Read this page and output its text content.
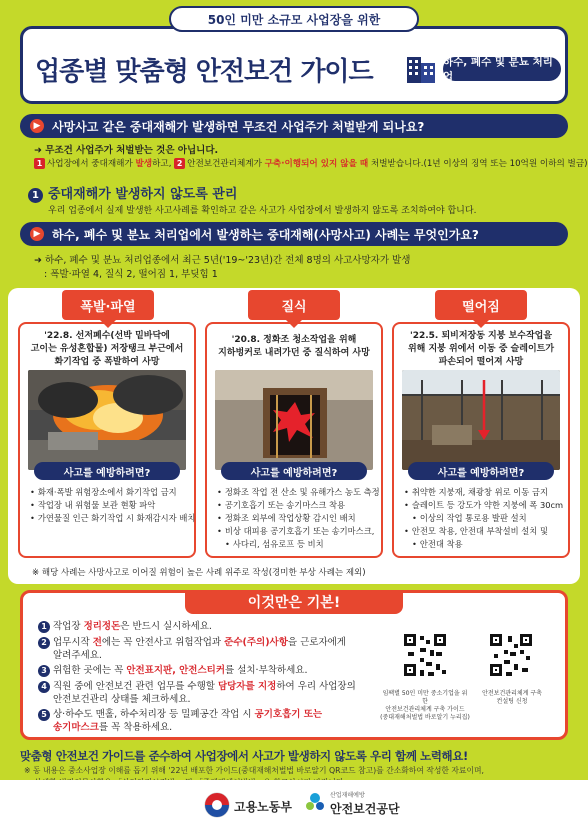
업종별 맞춤형 안전보건 가이드	하수, 폐수 및 분뇨 처리업
50인 미만 소규모 사업장을 위한
▶ 사망사고 같은 중대재해가 발생하면 무조건 사업주가 처벌받게 되나요?
➜ 무조건 사업주가 처벌받는 것은 아닙니다.
1 사업장에서 중대재해가 발생하고, 2 안전보건관리체계가 구축·이행되어 있지 않을 때 처벌받습니다.(1년 이상의 징역 또는 10억원 이하의 벌금)
1 중대재해가 발생하지 않도록 관리
우리 업종에서 실제 발생한 사고사례를 확인하고 같은 사고가 사업장에서 발생하지 않도록 조치하여야 합니다.
▶ 하수, 폐수 및 분뇨 처리업에서 발생하는 중대재해(사망사고) 사례는 무엇인가요?
➜ 하수, 폐수 및 분뇨 처리업종에서 최근 5년('19~'23년)간 전체 8명의 사고사망자가 발생
: 폭발·파열 4, 질식 2, 떨어짐 1, 부딪힘 1
'22.8. 선저폐수(선박 밑바닥에
고이는 유성혼합물) 저장탱크 부근에서
화기작업 중 폭발하여 사망
사고를 예방하려면?
• 화재·폭발 위험장소에서 화기작업 금지
• 작업장 내 위험물 보관 현황 파악
• 가연물질 인근 화기작업 시 화재감시자 배치
폭발·파열
'20.8. 정화조 청소작업을 위해
지하벙커로 내려가던 중 질식하여 사망
사고를 예방하려면?
• 정화조 작업 전 산소 및 유해가스 농도 측정
• 공기호흡기 또는 송기마스크 착용
• 정화조 외부에 작업상황 감시인 배치
• 비상 대피용 공기호흡기 또는 송기마스크,
• 사다리, 섬유로프 등 비치
질식
'22.5. 퇴비저장동 지붕 보수작업을
위해 지붕 위에서 이동 중 슬레이트가
파손되어 떨어져 사망
사고를 예방하려면?
• 취약한 지붕재, 채광창 위로 이동 금지
• 슬레이트 등 강도가 약한 지붕에 폭 30cm
• 이상의 작업 통로용 발판 설치
• 안전모 착용, 안전대 부착설비 설치 및
• 안전대 착용
떨어짐
※ 해당 사례는 사망사고로 이어질 위험이 높은 사례 위주로 작성(경미한 부상 사례는 제외)
이것만은 기본!
1 작업장 정리정돈은 반드시 실시하세요.
2 업무시작 전에는 꼭 안전사고 위험작업과 준수(주의)사항을 근로자에게
알려주세요.
3 위험한 곳에는 꼭 안전표지판, 안전스티커를 설치·부착하세요.
4 직원 중에 안전보건 관련 업무를 수행할 담당자를 지정하여 우리 사업장의
안전보건관리 상태를 체크하세요.
5 상·하수도 맨홀, 하수처리장 등 밀폐공간 작업 시 공기호흡기 또는
송기마스크를 꼭 착용하세요.
임팩별 50인 미만 중소기업을 위한
안전보건관리체계 구축 가이드
(중대재해처벌법 바로알기 누리집)
안전보건관리체계 구축
컨설팅 신청
맞춤형 안전보건 가이드를 준수하여 사업장에서 사고가 발생하지 않도록 우리 함께 노력해요!
※ 동 내용은 중소사업장 이해를 돕기 위해 '22년 배포한 가이드(중대재해처벌법 바로알기 QR코드 참고)를 간소화하여 작성한 자료이며,
고용노동부
산업재해예방
안전보건공단
